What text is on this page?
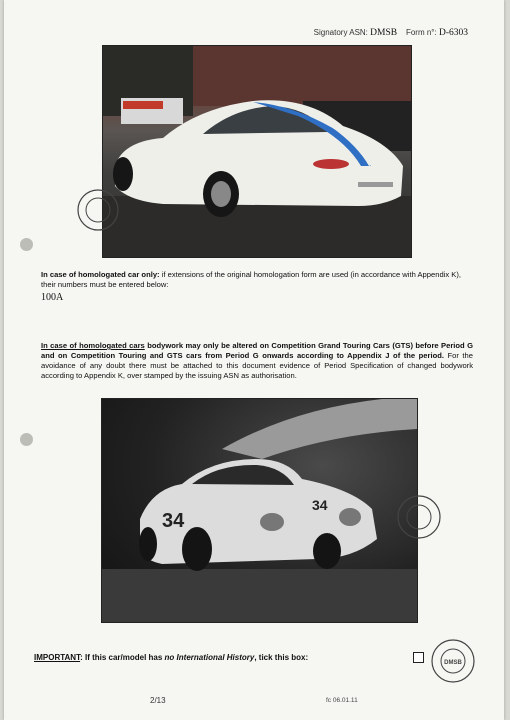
Signatory ASN: DMSB Form n°: D-6303
In case of homologated car only: if extensions of the original homologation form are used (in accordance with Appendix K), their numbers must be entered below:
100A
In case of homologated cars bodywork may only be altered on Competition Grand Touring Cars (GTS) before Period G and on Competition Touring and GTS cars from Period G onwards according to Appendix J of the period. For the avoidance of any doubt there must be attached to this document evidence of Period Specification of changed bodywork according to Appendix K, over stamped by the issuing ASN as authorisation.
34
34
IMPORTANT: If this car/model has no International History, tick this box:
DMSB
2/13	fc 06.01.11
